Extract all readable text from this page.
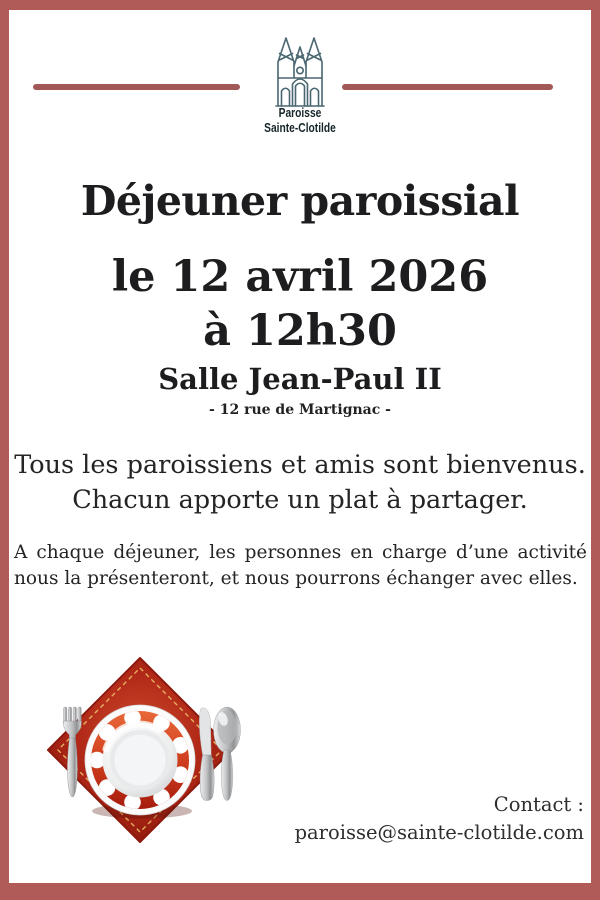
Paroisse
Sainte-Clotilde
Déjeuner paroissial
le 12 avril 2026
à 12h30
Salle Jean-Paul II
- 12 rue de Martignac -

Tous les paroissiens et amis sont bienvenus.
Chacun apporte un plat à partager.

A chaque déjeuner, les personnes en charge d’une activité
nous la présenteront, et nous pourrons échanger avec elles.

Contact :
paroisse@sainte-clotilde.com
